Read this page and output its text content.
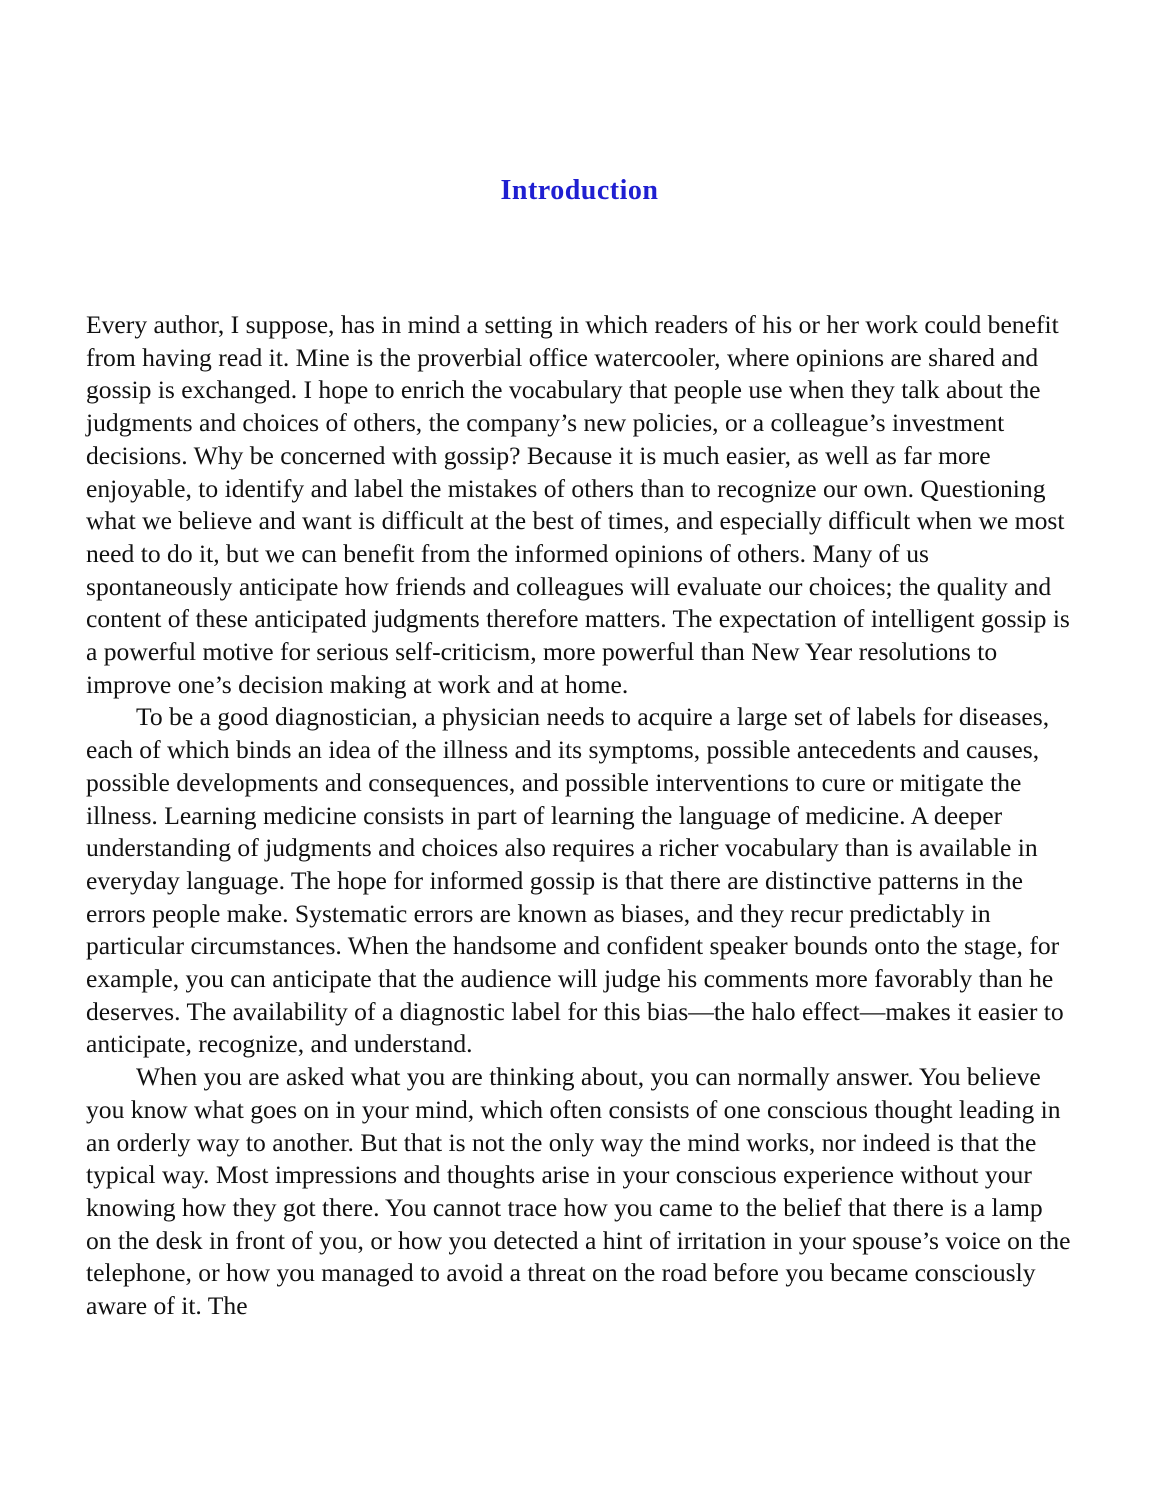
Introduction

Every author, I suppose, has in mind a setting in which readers of his or her work could benefit from having read it. Mine is the proverbial office watercooler, where opinions are shared and gossip is exchanged. I hope to enrich the vocabulary that people use when they talk about the judgments and choices of others, the company’s new policies, or a colleague’s investment decisions. Why be concerned with gossip? Because it is much easier, as well as far more enjoyable, to identify and label the mistakes of others than to recognize our own. Questioning what we believe and want is difficult at the best of times, and especially difficult when we most need to do it, but we can benefit from the informed opinions of others. Many of us spontaneously anticipate how friends and colleagues will evaluate our choices; the quality and content of these anticipated judgments therefore matters. The expectation of intelligent gossip is a powerful motive for serious self-criticism, more powerful than New Year resolutions to improve one’s decision making at work and at home.

To be a good diagnostician, a physician needs to acquire a large set of labels for diseases, each of which binds an idea of the illness and its symptoms, possible antecedents and causes, possible developments and consequences, and possible interventions to cure or mitigate the illness. Learning medicine consists in part of learning the language of medicine. A deeper understanding of judgments and choices also requires a richer vocabulary than is available in everyday language. The hope for informed gossip is that there are distinctive patterns in the errors people make. Systematic errors are known as biases, and they recur predictably in particular circumstances. When the handsome and confident speaker bounds onto the stage, for example, you can anticipate that the audience will judge his comments more favorably than he deserves. The availability of a diagnostic label for this bias—the halo effect—makes it easier to anticipate, recognize, and understand.

When you are asked what you are thinking about, you can normally answer. You believe you know what goes on in your mind, which often consists of one conscious thought leading in an orderly way to another. But that is not the only way the mind works, nor indeed is that the typical way. Most impressions and thoughts arise in your conscious experience without your knowing how they got there. You cannot trace how you came to the belief that there is a lamp on the desk in front of you, or how you detected a hint of irritation in your spouse’s voice on the telephone, or how you managed to avoid a threat on the road before you became consciously aware of it. The
